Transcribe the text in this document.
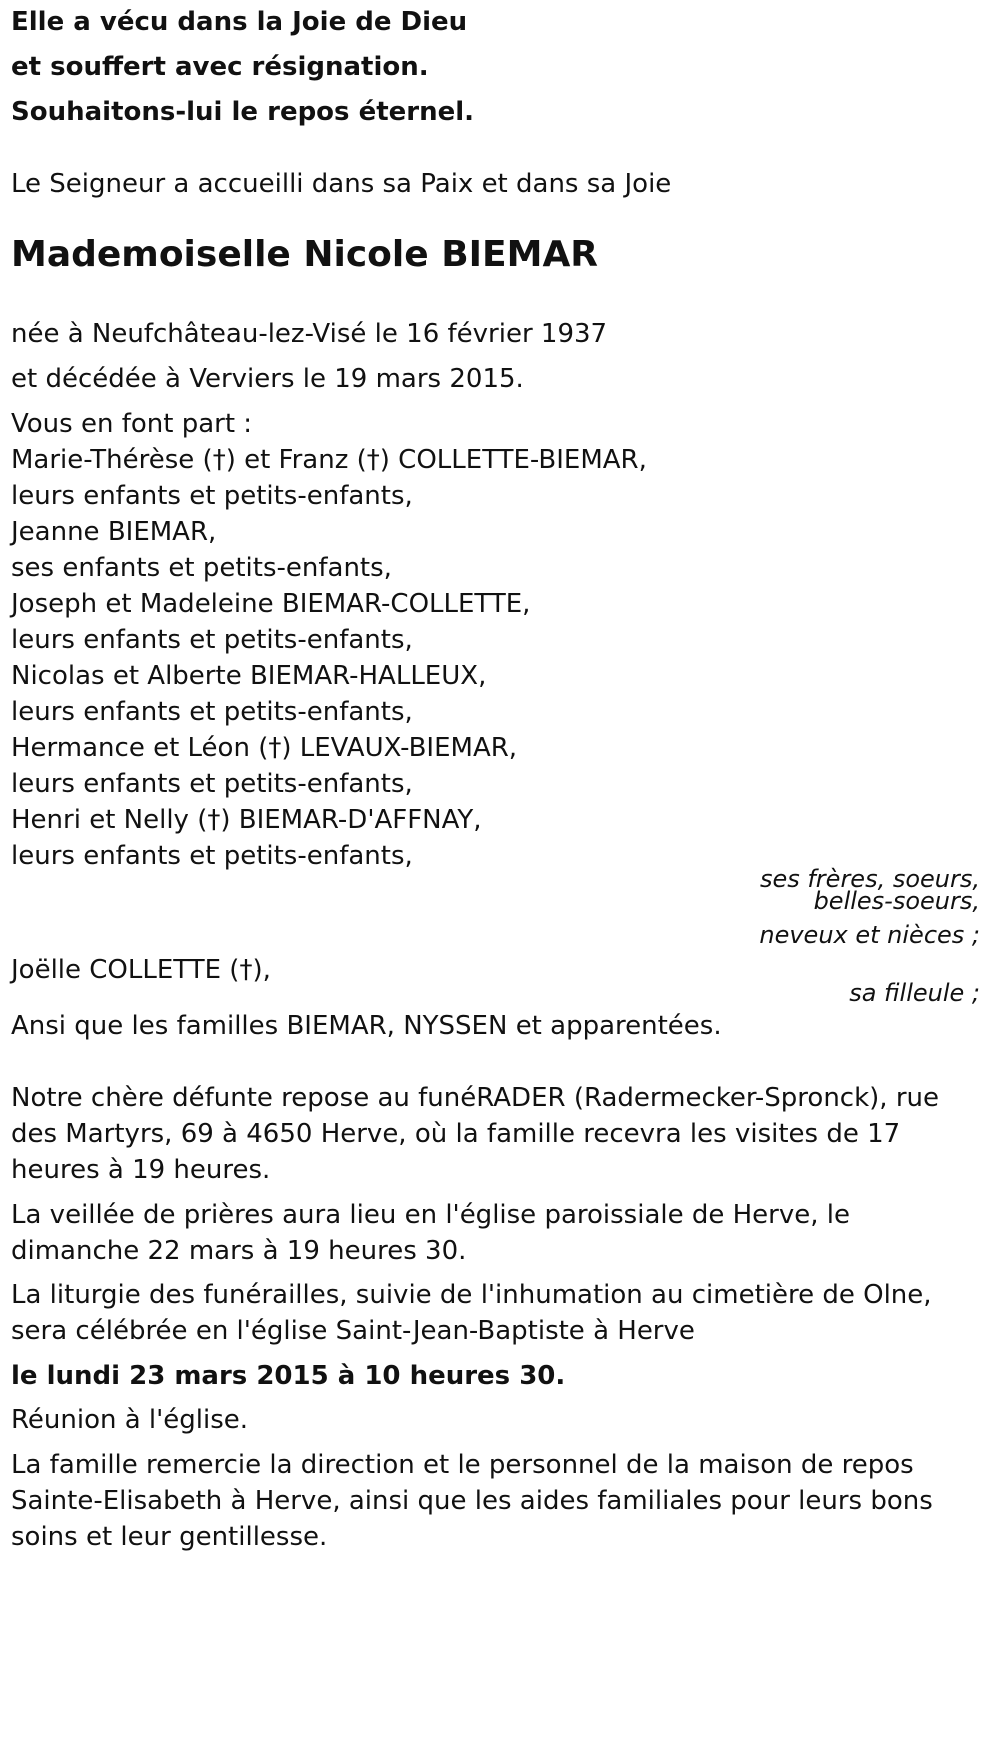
Elle a vécu dans la Joie de Dieu
et souffert avec résignation.
Souhaitons-lui le repos éternel.
Le Seigneur a accueilli dans sa Paix et dans sa Joie
Mademoiselle Nicole BIEMAR
née à Neufchâteau-lez-Visé le 16 février 1937
et décédée à Verviers le 19 mars 2015.
Vous en font part :
Marie-Thérèse (†) et Franz (†) COLLETTE-BIEMAR,
leurs enfants et petits-enfants,
Jeanne BIEMAR,
ses enfants et petits-enfants,
Joseph et Madeleine BIEMAR-COLLETTE,
leurs enfants et petits-enfants,
Nicolas et Alberte BIEMAR-HALLEUX,
leurs enfants et petits-enfants,
Hermance et Léon (†) LEVAUX-BIEMAR,
leurs enfants et petits-enfants,
Henri et Nelly (†) BIEMAR-D'AFFNAY,
leurs enfants et petits-enfants,
ses frères, soeurs,
belles-soeurs,
neveux et nièces ;
Joëlle COLLETTE (†),
sa filleule ;
Ansi que les familles BIEMAR, NYSSEN et apparentées.
Notre chère défunte repose au funéRADER (Radermecker-Spronck), rue
des Martyrs, 69 à 4650 Herve, où la famille recevra les visites de 17
heures à 19 heures.
La veillée de prières aura lieu en l'église paroissiale de Herve, le
dimanche 22 mars à 19 heures 30.
La liturgie des funérailles, suivie de l'inhumation au cimetière de Olne,
sera célébrée en l'église Saint-Jean-Baptiste à Herve
le lundi 23 mars 2015 à 10 heures 30.
Réunion à l'église.
La famille remercie la direction et le personnel de la maison de repos
Sainte-Elisabeth à Herve, ainsi que les aides familiales pour leurs bons
soins et leur gentillesse.
